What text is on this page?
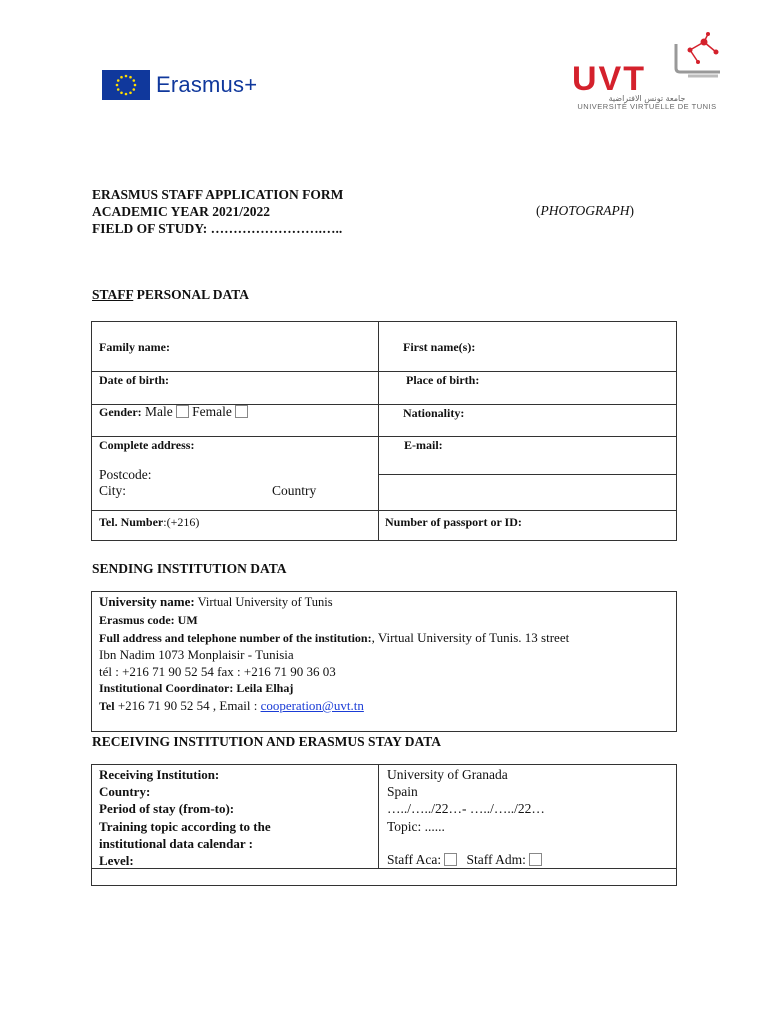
Erasmus+	UVT
جامعة تونس الافتراضية
UNIVERSITÉ VIRTUELLE DE TUNIS
ERASMUS STAFF APPLICATION FORM
ACADEMIC YEAR 2021/2022
FIELD OF STUDY: …………………….…..
(PHOTOGRAPH)
STAFF PERSONAL DATA
Family name:	First name(s):
Date of birth:	Place of birth:
Gender: Male Female	Nationality:
Complete address:	E-mail:
Postcode:
City:	Country
Tel. Number:(+216)	Number of passport or ID:
SENDING INSTITUTION DATA
University name: Virtual University of Tunis
Erasmus code: UM
Full address and telephone number of the institution:, Virtual University of Tunis. 13 street
Ibn Nadim 1073 Monplaisir - Tunisia
tél : +216 71 90 52 54 fax : +216 71 90 36 03
Institutional Coordinator: Leila Elhaj
Tel +216 71 90 52 54 , Email : cooperation@uvt.tn
RECEIVING INSTITUTION AND ERASMUS STAY DATA
Receiving Institution:	University of Granada
Country:	Spain
Period of stay (from-to):	…../…../22…- …../…../22…
Training topic according to the	Topic: ......
institutional data calendar :
Level:	Staff Aca: Staff Adm:
